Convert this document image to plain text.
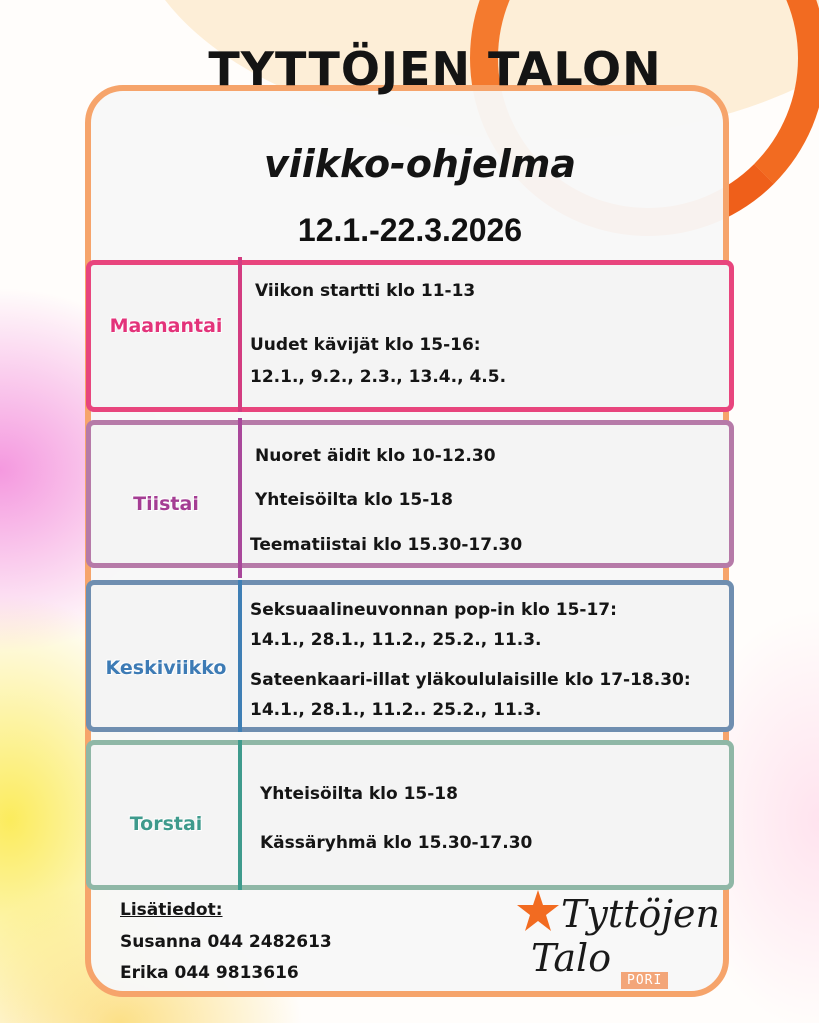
TYTTÖJEN TALON
viikko-ohjelma
12.1.-22.3.2026
Maanantai
Viikon startti klo 11-13
Uudet kävijät klo 15-16:
12.1., 9.2., 2.3., 13.4., 4.5.
Tiistai
Nuoret äidit klo 10-12.30
Yhteisöilta klo 15-18
Teematiistai klo 15.30-17.30
Keskiviikko
Seksuaalineuvonnan pop-in klo 15-17:
14.1., 28.1., 11.2., 25.2., 11.3.
Sateenkaari-illat yläkoululaisille klo 17-18.30:
14.1., 28.1., 11.2.. 25.2., 11.3.
Torstai
Yhteisöilta klo 15-18
Kässäryhmä klo 15.30-17.30
Lisätiedot:
Susanna 044 2482613
Erika 044 9813616
Tyttöjen
Talo
PORI
